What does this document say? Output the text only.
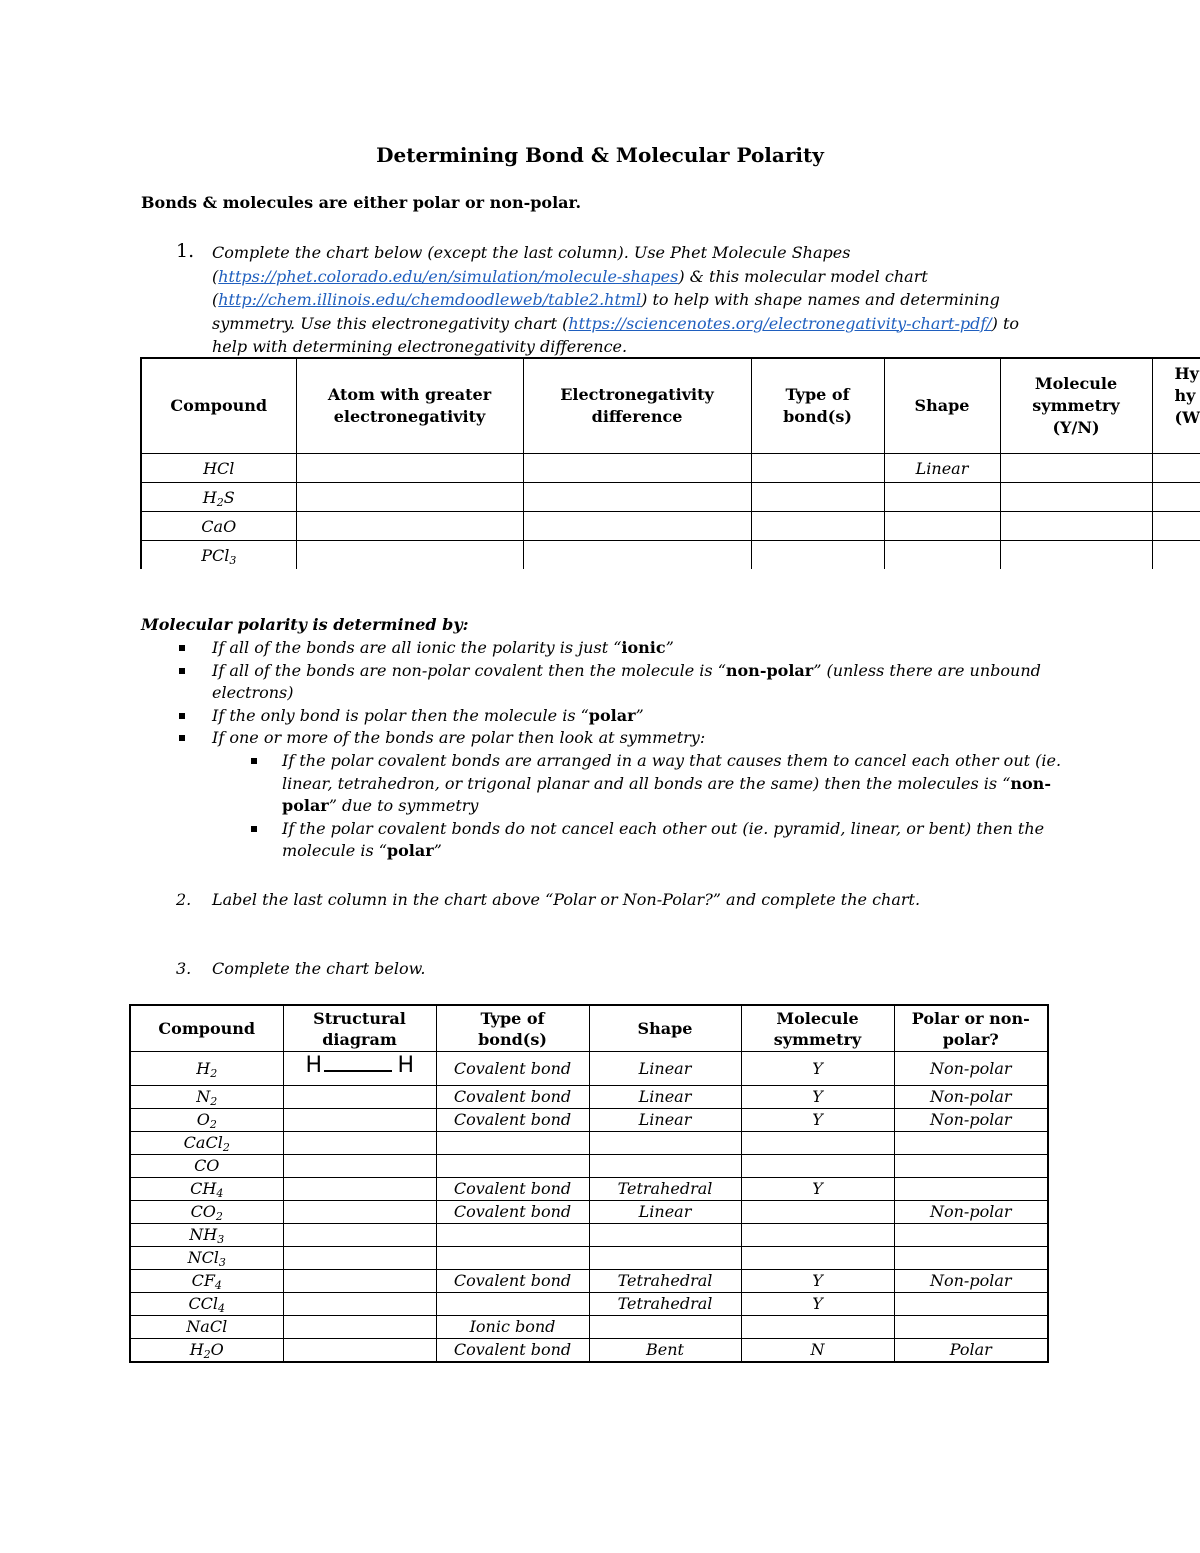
Determining Bond & Molecular Polarity
Bonds & molecules are either polar or non-polar.
1. Complete the chart below (except the last column). Use Phet Molecule Shapes
(https://phet.colorado.edu/en/simulation/molecule-shapes) & this molecular model chart
(http://chem.illinois.edu/chemdoodleweb/table2.html) to help with shape names and determining
symmetry. Use this electronegativity chart (https://sciencenotes.org/electronegativity-chart-pdf/) to
help with determining electronegativity difference.
Compound	Atom with greater electronegativity	Electronegativity difference	Type of bond(s)	Shape	Molecule symmetry (Y/N)	Hy hy (W

HCl				Linear		
$H_2S$						
CaO						
PCl$_3$						
Molecular polarity is determined by:
If all of the bonds are all ionic the polarity is just “ionic”
If all of the bonds are non-polar covalent then the molecule is “non-polar” (unless there are unbound
electrons)
If the only bond is polar then the molecule is “polar”
If one or more of the bonds are polar then look at symmetry:
If the polar covalent bonds are arranged in a way that causes them to cancel each other out (ie.
linear, tetrahedron, or trigonal planar and all bonds are the same) then the molecules is “non-
polar” due to symmetry
If the polar covalent bonds do not cancel each other out (ie. pyramid, linear, or bent) then the
molecule is “polar”
2. Label the last column in the chart above “Polar or Non-Polar?” and complete the chart.
3. Complete the chart below.
Compound	Structural diagram	Type of bond(s)	Shape	Molecule symmetry	Polar or non-polar?

$H_2$	H H	Covalent bond	Linear	Y	Non-polar
$N_2$		Covalent bond	Linear	Y	Non-polar
$O_2$		Covalent bond	Linear	Y	Non-polar
CaCl$_2$					
CO					
$CH_4$		Covalent bond	Tetrahedral	Y	
$CO_2$		Covalent bond	Linear		Non-polar
$NH_3$					
NCl$_3$					
$CF_4$		Covalent bond	Tetrahedral	Y	Non-polar
CCl$_4$			Tetrahedral	Y	
NaCl		Ionic bond			
$H_2O$		Covalent bond	Bent	N	Polar
